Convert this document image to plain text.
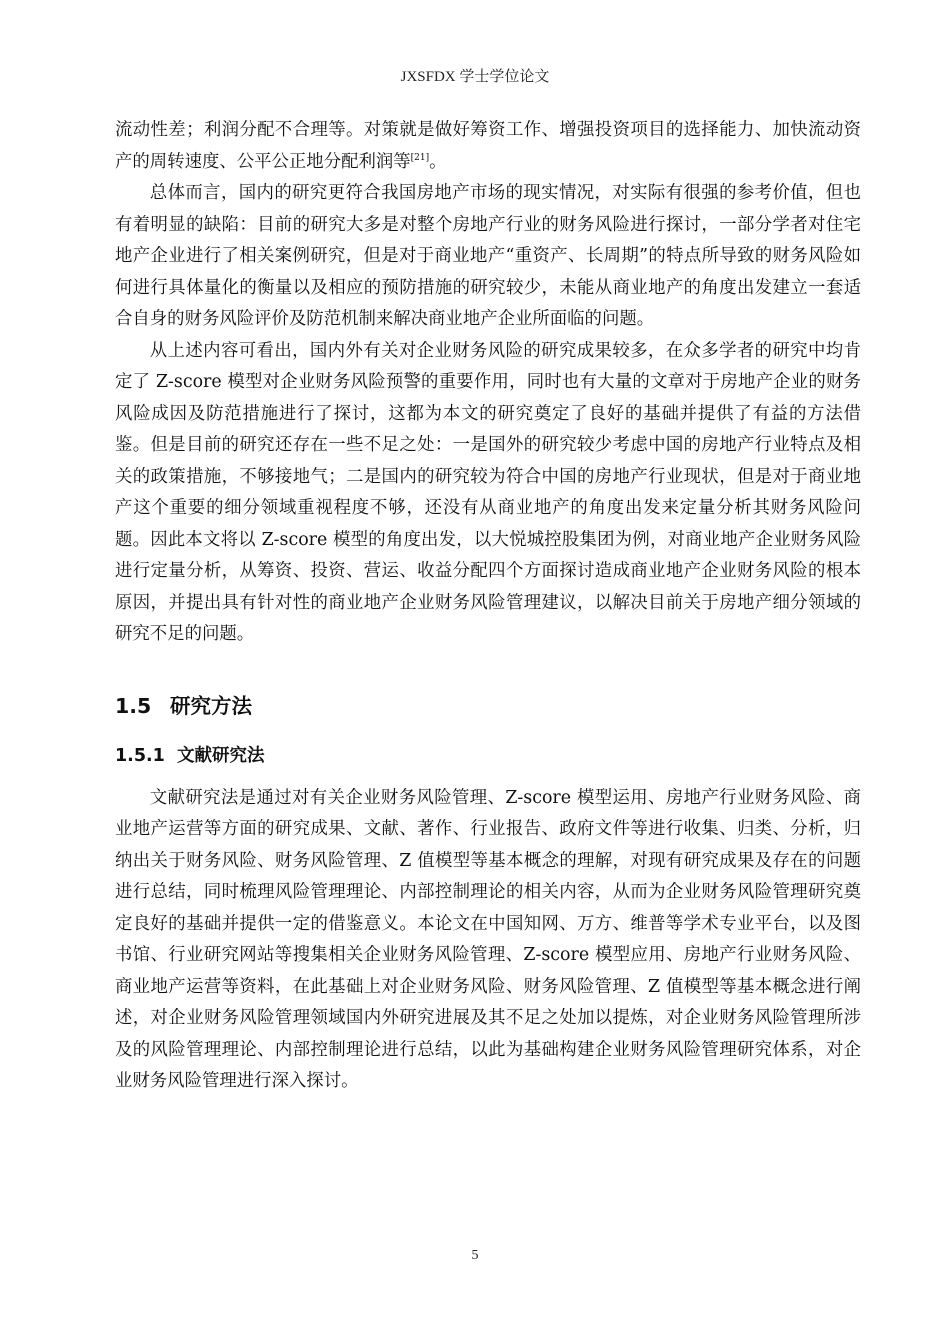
JXSFDX 学士学位论文

流动性差；利润分配不合理等。对策就是做好筹资工作、增强投资项目的选择能力、加快流动资产的周转速度、公平公正地分配利润等[21]。

总体而言，国内的研究更符合我国房地产市场的现实情况，对实际有很强的参考价值，但也有着明显的缺陷：目前的研究大多是对整个房地产行业的财务风险进行探讨，一部分学者对住宅地产企业进行了相关案例研究，但是对于商业地产“重资产、长周期”的特点所导致的财务风险如何进行具体量化的衡量以及相应的预防措施的研究较少，未能从商业地产的角度出发建立一套适合自身的财务风险评价及防范机制来解决商业地产企业所面临的问题。

从上述内容可看出，国内外有关对企业财务风险的研究成果较多，在众多学者的研究中均肯定了 Z-score 模型对企业财务风险预警的重要作用，同时也有大量的文章对于房地产企业的财务风险成因及防范措施进行了探讨，这都为本文的研究奠定了良好的基础并提供了有益的方法借鉴。但是目前的研究还存在一些不足之处：一是国外的研究较少考虑中国的房地产行业特点及相关的政策措施，不够接地气；二是国内的研究较为符合中国的房地产行业现状，但是对于商业地产这个重要的细分领域重视程度不够，还没有从商业地产的角度出发来定量分析其财务风险问题。因此本文将以 Z-score 模型的角度出发，以大悦城控股集团为例，对商业地产企业财务风险进行定量分析，从筹资、投资、营运、收益分配四个方面探讨造成商业地产企业财务风险的根本原因，并提出具有针对性的商业地产企业财务风险管理建议，以解决目前关于房地产细分领域的研究不足的问题。

1.5 研究方法
1.5.1 文献研究法

文献研究法是通过对有关企业财务风险管理、Z-score 模型运用、房地产行业财务风险、商业地产运营等方面的研究成果、文献、著作、行业报告、政府文件等进行收集、归类、分析，归纳出关于财务风险、财务风险管理、Z 值模型等基本概念的理解，对现有研究成果及存在的问题进行总结，同时梳理风险管理理论、内部控制理论的相关内容，从而为企业财务风险管理研究奠定良好的基础并提供一定的借鉴意义。本论文在中国知网、万方、维普等学术专业平台，以及图书馆、行业研究网站等搜集相关企业财务风险管理、Z-score 模型应用、房地产行业财务风险、商业地产运营等资料，在此基础上对企业财务风险、财务风险管理、Z 值模型等基本概念进行阐述，对企业财务风险管理领域国内外研究进展及其不足之处加以提炼，对企业财务风险管理所涉及的风险管理理论、内部控制理论进行总结，以此为基础构建企业财务风险管理研究体系，对企业财务风险管理进行深入探讨。

5
